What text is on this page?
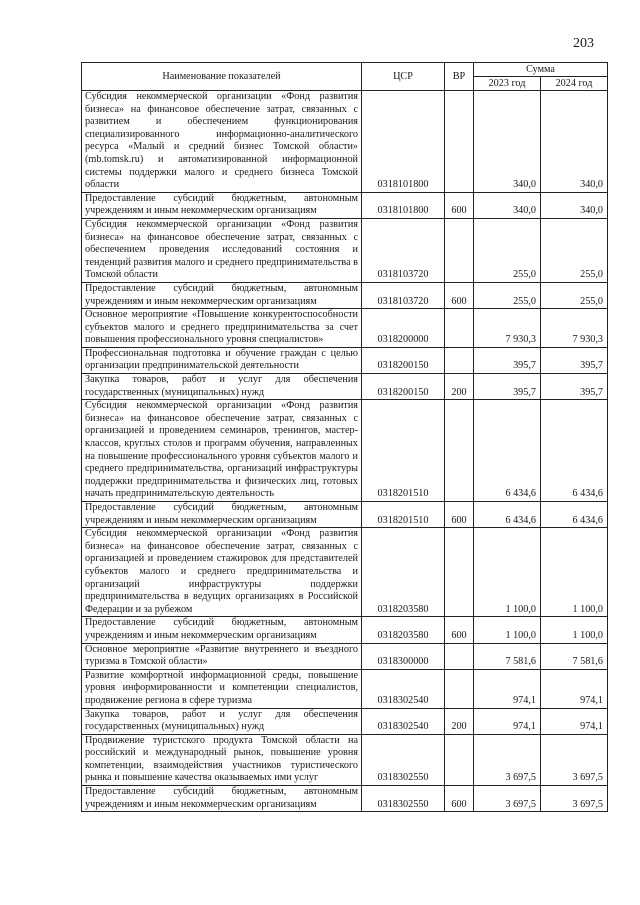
203
Наименование показателей	ЦСР	ВР	Сумма	
			2023 год	2024 год
Субсидия некоммерческой организации «Фонд развития бизнеса» на финансовое обеспечение затрат, связанных с развитием и обеспечением функционирования специализированного информационно-аналитического ресурса «Малый и средний бизнес Томской области» (mb.tomsk.ru) и автоматизированной информационной системы поддержки малого и среднего бизнеса Томской области	0318101800		340,0	340,0
Предоставление субсидий бюджетным, автономным учреждениям и иным некоммерческим организациям	0318101800	600	340,0	340,0
Субсидия некоммерческой организации «Фонд развития бизнеса» на финансовое обеспечение затрат, связанных с обеспечением проведения исследований состояния и тенденций развития малого и среднего предпринимательства в Томской области	0318103720		255,0	255,0
Предоставление субсидий бюджетным, автономным учреждениям и иным некоммерческим организациям	0318103720	600	255,0	255,0
Основное мероприятие «Повышение конкурентоспособности субъектов малого и среднего предпринимательства за счет повышения профессионального уровня специалистов»	0318200000		7 930,3	7 930,3
Профессиональная подготовка и обучение граждан с целью организации предпринимательской деятельности	0318200150		395,7	395,7
Закупка товаров, работ и услуг для обеспечения государственных (муниципальных) нужд	0318200150	200	395,7	395,7
Субсидия некоммерческой организации «Фонд развития бизнеса» на финансовое обеспечение затрат, связанных с организацией и проведением семинаров, тренингов, мастер-классов, круглых столов и программ обучения, направленных на повышение профессионального уровня субъектов малого и среднего предпринимательства, организаций инфраструктуры поддержки предпринимательства и физических лиц, готовых начать предпринимательскую деятельность	0318201510		6 434,6	6 434,6
Предоставление субсидий бюджетным, автономным учреждениям и иным некоммерческим организациям	0318201510	600	6 434,6	6 434,6
Субсидия некоммерческой организации «Фонд развития бизнеса» на финансовое обеспечение затрат, связанных с организацией и проведением стажировок для представителей субъектов малого и среднего предпринимательства и организаций инфраструктуры поддержки предпринимательства в ведущих организациях в Российской Федерации и за рубежом	0318203580		1 100,0	1 100,0
Предоставление субсидий бюджетным, автономным учреждениям и иным некоммерческим организациям	0318203580	600	1 100,0	1 100,0
Основное мероприятие «Развитие внутреннего и въездного туризма в Томской области»	0318300000		7 581,6	7 581,6
Развитие комфортной информационной среды, повышение уровня информированности и компетенции специалистов, продвижение региона в сфере туризма	0318302540		974,1	974,1
Закупка товаров, работ и услуг для обеспечения государственных (муниципальных) нужд	0318302540	200	974,1	974,1
Продвижение туристского продукта Томской области на российский и международный рынок, повышение уровня компетенции, взаимодействия участников туристического рынка и повышение качества оказываемых ими услуг	0318302550		3 697,5	3 697,5
Предоставление субсидий бюджетным, автономным учреждениям и иным некоммерческим организациям	0318302550	600	3 697,5	3 697,5
